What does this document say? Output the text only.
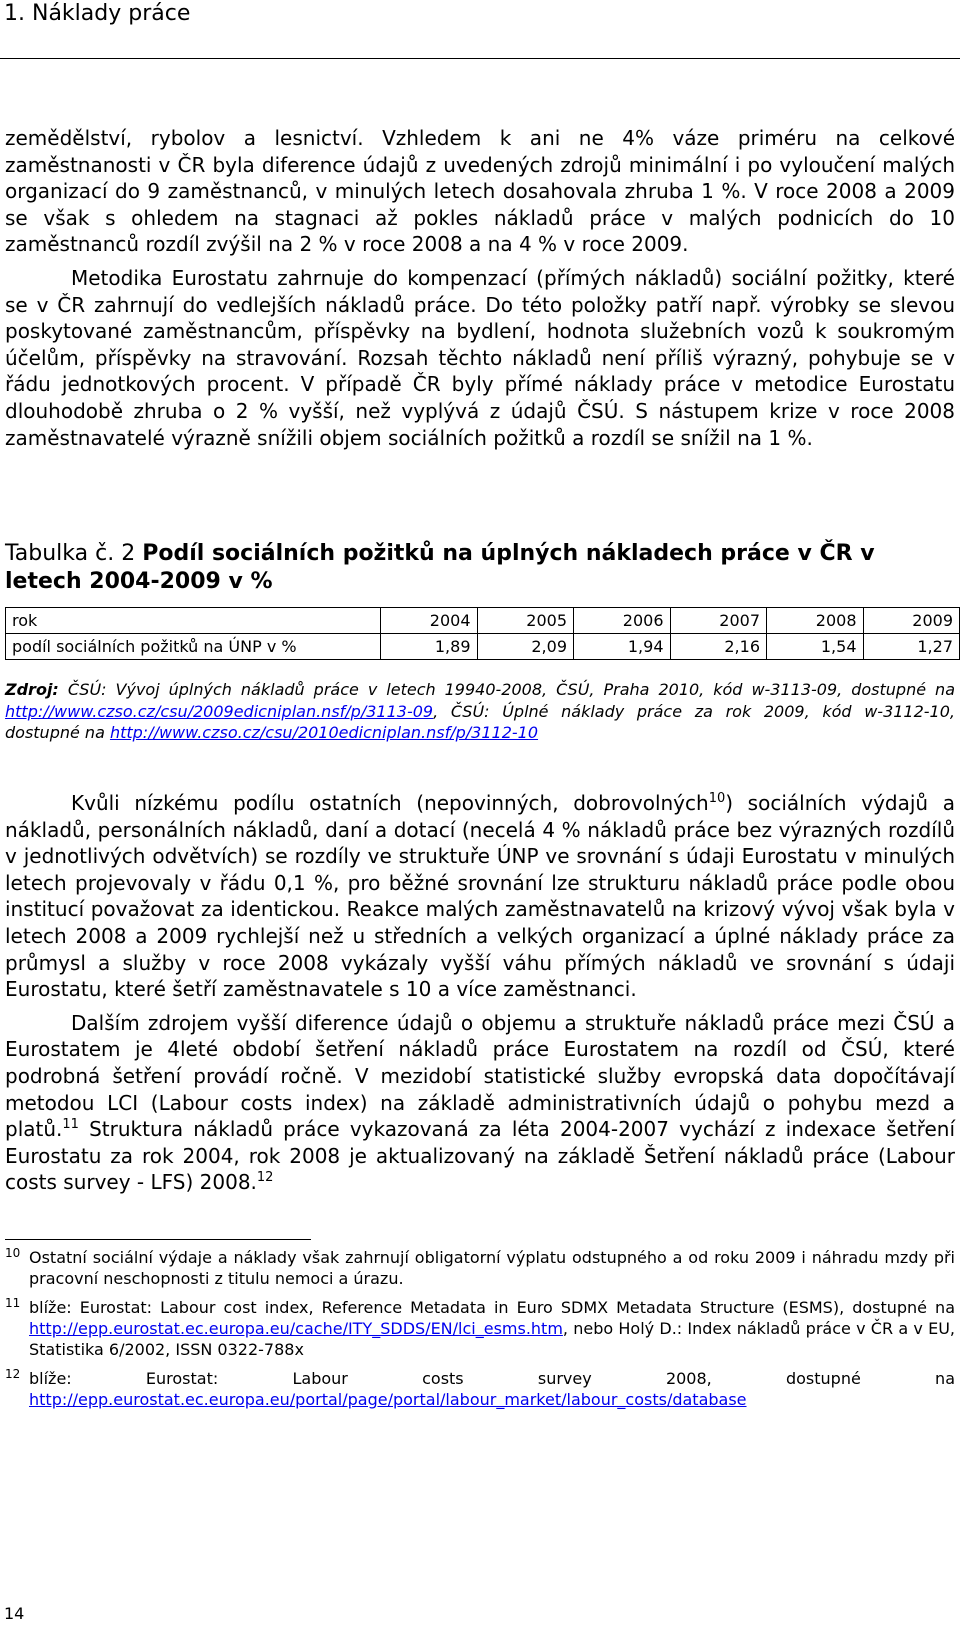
1. Náklady práce

zemědělství, rybolov a lesnictví. Vzhledem k ani ne 4% váze priméru na celkové zaměstnanosti v ČR byla diference údajů z uvedených zdrojů minimální i po vyloučení malých organizací do 9 zaměstnanců, v minulých letech dosahovala zhruba 1 %. V roce 2008 a 2009 se však s ohledem na stagnaci až pokles nákladů práce v malých podnicích do 10 zaměstnanců rozdíl zvýšil na 2 % v roce 2008 a na 4 % v roce 2009.

Metodika Eurostatu zahrnuje do kompenzací (přímých nákladů) sociální požitky, které se v ČR zahrnují do vedlejších nákladů práce. Do této položky patří např. výrobky se slevou poskytované zaměstnancům, příspěvky na bydlení, hodnota služebních vozů k soukromým účelům, příspěvky na stravování. Rozsah těchto nákladů není příliš výrazný, pohybuje se v řádu jednotkových procent. V případě ČR byly přímé náklady práce v metodice Eurostatu dlouhodobě zhruba o 2 % vyšší, než vyplývá z údajů ČSÚ. S nástupem krize v roce 2008 zaměstnavatelé výrazně snížili objem sociálních požitků a rozdíl se snížil na 1 %.

Tabulka č. 2 Podíl sociálních požitků na úplných nákladech práce v ČR v letech 2004-2009 v %
rok	2004	2005	2006	2007	2008	2009
podíl sociálních požitků na ÚNP v %	1,89	2,09	1,94	2,16	1,54	1,27
Zdroj: ČSÚ: Vývoj úplných nákladů práce v letech 19940-2008, ČSÚ, Praha 2010, kód w-3113-09, dostupné na http://www.czso.cz/csu/2009edicniplan.nsf/p/3113-09, ČSÚ: Úplné náklady práce za rok 2009, kód w-3112-10, dostupné na http://www.czso.cz/csu/2010edicniplan.nsf/p/3112-10

Kvůli nízkému podílu ostatních (nepovinných, dobrovolných$^{10}$) sociálních výdajů a nákladů, personálních nákladů, daní a dotací (necelá 4 % nákladů práce bez výrazných rozdílů v jednotlivých odvětvích) se rozdíly ve struktuře ÚNP ve srovnání s údaji Eurostatu v minulých letech projevovaly v řádu 0,1 %, pro běžné srovnání lze strukturu nákladů práce podle obou institucí považovat za identickou. Reakce malých zaměstnavatelů na krizový vývoj však byla v letech 2008 a 2009 rychlejší než u středních a velkých organizací a úplné náklady práce za průmysl a služby v roce 2008 vykázaly vyšší váhu přímých nákladů ve srovnání s údaji Eurostatu, které šetří zaměstnavatele s 10 a více zaměstnanci.

Dalším zdrojem vyšší diference údajů o objemu a struktuře nákladů práce mezi ČSÚ a Eurostatem je 4leté období šetření nákladů práce Eurostatem na rozdíl od ČSÚ, které podrobná šetření provádí ročně. V mezidobí statistické služby evropská data dopočítávají metodou LCI (Labour costs index) na základě administrativních údajů o pohybu mezd a platů.$^{11}$ Struktura nákladů práce vykazovaná za léta 2004-2007 vychází z indexace šetření Eurostatu za rok 2004, rok 2008 je aktualizovaný na základě Šetření nákladů práce (Labour costs survey - LFS) 2008.12

10 Ostatní sociální výdaje a náklady však zahrnují obligatorní výplatu odstupného a od roku 2009 i náhradu mzdy při pracovní neschopnosti z titulu nemoci a úrazu.
11 blíže: Eurostat: Labour cost index, Reference Metadata in Euro SDMX Metadata Structure (ESMS), dostupné na http://epp.eurostat.ec.europa.eu/cache/ITY_SDDS/EN/lci_esms.htm, nebo Holý D.: Index nákladů práce v ČR a v EU, Statistika 6/2002, ISSN 0322-788x
12 blíže: Eurostat: Labour costs survey 2008, dostupné na http://epp.eurostat.ec.europa.eu/portal/page/portal/labour_market/labour_costs/database
14
